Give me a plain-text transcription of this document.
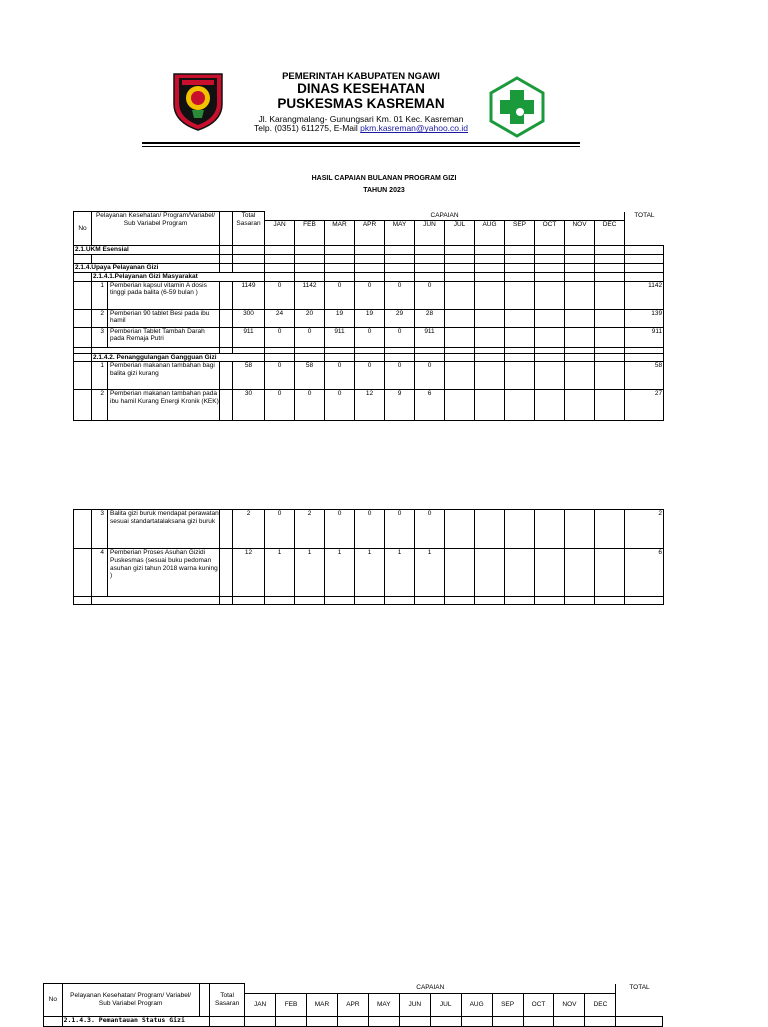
PEMERINTAH KABUPATEN NGAWI
DINAS KESEHATAN
PUSKESMAS KASREMAN
Jl. Karangmalang- Gunungsari Km. 01 Kec. Kasreman
Telp. (0351) 611275, E-Mail pkm.kasreman@yahoo.co.id
HASIL CAPAIAN BULANAN PROGRAM GIZI
TAHUN 2023
No	Pelayanan Kesehatan/ Program/Variabel/ Sub Variabel Program		Total Sasaran	CAPAIAN												TOTAL
				JAN	FEB	MAR	APR	MAY	JUN	JUL	AUG	SEP	OCT	NOV	DEC	
2.1.UKM Esensial																

2.1.4.Upaya Pelayanan Gizi																
	2.1.4.1.Pelayanan Gizi Masyarakat															

	1 Pemberian kapsul vitamin A dosis tinggi pada balita (6-59 bulan )		1149	0	1142	0	0	0	0							1142

	2 Pemberian 90 tablet Besi pada ibu hamil		300	24	20	19	19	29	28							139

	3 Pemberian Tablet Tambah Darah pada Remaja Putri		911	0	0	911	0	0	911							911

	2.1.4.2. Penanggulangan Gangguan Gizi															

	1 Pemberian makanan tambahan bagi balita gizi kurang		58	0	58	0	0	0	0							58

	2 Pemberian makanan tambahan pada ibu hamil Kurang Energi Kronik (KEK)		30	0	0	0	12	9	6							27

	3 Balita gizi buruk mendapat perawatan sesuai standartatalaksana gizi buruk		2	0	2	0	0	0	0							2

	4 Pemberian Proses Asuhan Gizidi Puskesmas (sesuai buku pedoman asuhan gizi tahun 2018 warna kuning )		12	1	1	1	1	1	1							6

No	Pelayanan Kesehatan/ Program/ Variabel/ Sub Variabel Program		Total Sasaran	CAPAIAN												TOTAL
				JAN	FEB	MAR	APR	MAY	JUN	JUL	AUG	SEP	OCT	NOV	DEC	
	2.1.4.3. Pemantauan Status Gizi															
